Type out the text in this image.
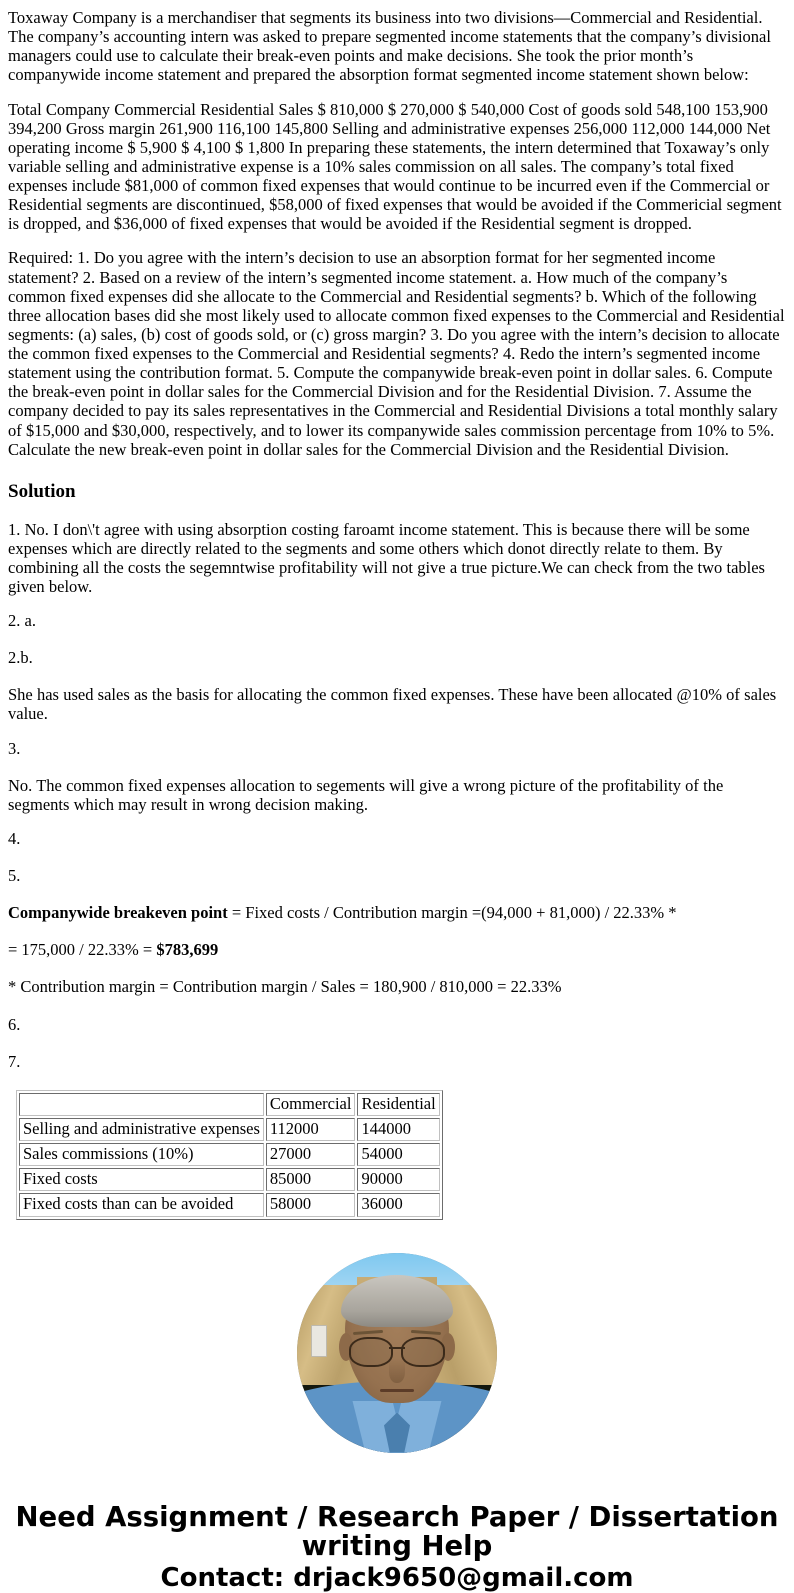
Toxaway Company is a merchandiser that segments its business into two divisions—Commercial and Residential. The company’s accounting intern was asked to prepare segmented income statements that the company’s divisional managers could use to calculate their break-even points and make decisions. She took the prior month’s companywide income statement and prepared the absorption format segmented income statement shown below:

Total Company Commercial Residential Sales $ 810,000 $ 270,000 $ 540,000 Cost of goods sold 548,100 153,900 394,200 Gross margin 261,900 116,100 145,800 Selling and administrative expenses 256,000 112,000 144,000 Net operating income $ 5,900 $ 4,100 $ 1,800 In preparing these statements, the intern determined that Toxaway’s only variable selling and administrative expense is a 10% sales commission on all sales. The company’s total fixed expenses include $81,000 of common fixed expenses that would continue to be incurred even if the Commercial or Residential segments are discontinued, $58,000 of fixed expenses that would be avoided if the Commericial segment is dropped, and $36,000 of fixed expenses that would be avoided if the Residential segment is dropped.

Required: 1. Do you agree with the intern’s decision to use an absorption format for her segmented income statement? 2. Based on a review of the intern’s segmented income statement. a. How much of the company’s common fixed expenses did she allocate to the Commercial and Residential segments? b. Which of the following three allocation bases did she most likely used to allocate common fixed expenses to the Commercial and Residential segments: (a) sales, (b) cost of goods sold, or (c) gross margin? 3. Do you agree with the intern’s decision to allocate the common fixed expenses to the Commercial and Residential segments? 4. Redo the intern’s segmented income statement using the contribution format. 5. Compute the companywide break-even point in dollar sales. 6. Compute the break-even point in dollar sales for the Commercial Division and for the Residential Division. 7. Assume the company decided to pay its sales representatives in the Commercial and Residential Divisions a total monthly salary of $15,000 and $30,000, respectively, and to lower its companywide sales commission percentage from 10% to 5%. Calculate the new break-even point in dollar sales for the Commercial Division and the Residential Division.

Solution

1. No. I don\'t agree with using absorption costing faroamt income statement. This is because there will be some expenses which are directly related to the segments and some others which donot directly relate to them. By combining all the costs the segemntwise profitability will not give a true picture.We can check from the two tables given below.

2. a.

2.b.

She has used sales as the basis for allocating the common fixed expenses. These have been allocated @10% of sales value.

3.

No. The common fixed expenses allocation to segements will give a wrong picture of the profitability of the segments which may result in wrong decision making.

4.

5.

Companywide breakeven point = Fixed costs / Contribution margin =(94,000 + 81,000) / 22.33% *

= 175,000 / 22.33% = $783,699

* Contribution margin = Contribution margin / Sales = 180,900 / 810,000 = 22.33%

6.

7.

	Commercial	Residential
Selling and administrative expenses	112000	144000
Sales commissions (10%)	27000	54000
Fixed costs	85000	90000
Fixed costs than can be avoided	58000	36000
Need Assignment / Research Paper / Dissertation
writing Help
Contact: drjack9650@gmail.com
